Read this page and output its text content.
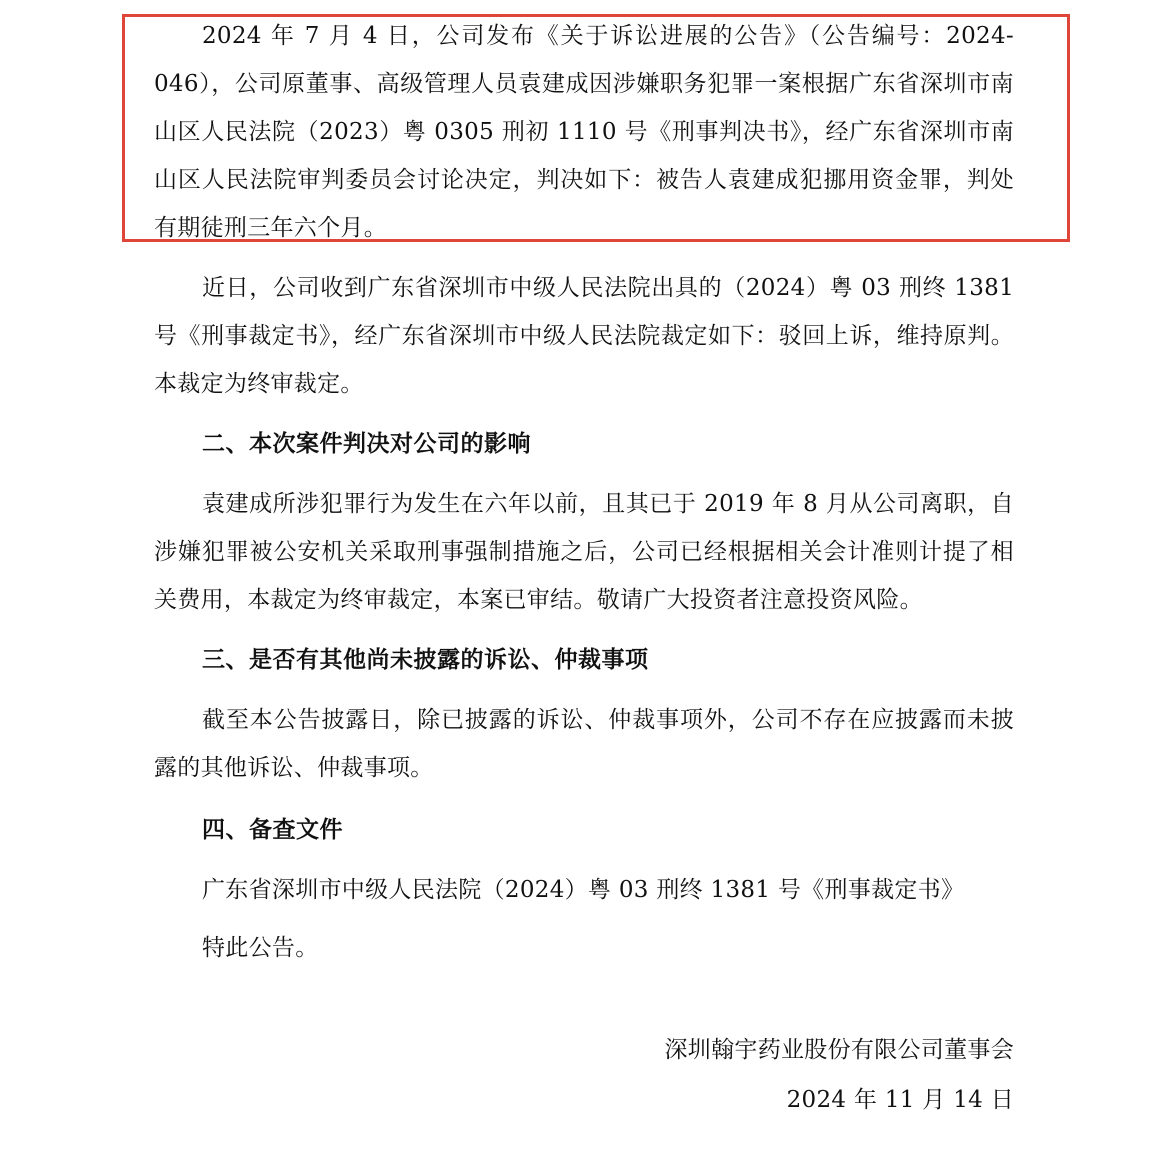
2024 年 7 月 4 日，公司发布《关于诉讼进展的公告》（公告编号：2024-046），公司原董事、高级管理人员袁建成因涉嫌职务犯罪一案根据广东省深圳市南山区人民法院（2023）粤 0305 刑初 1110 号《刑事判决书》，经广东省深圳市南山区人民法院审判委员会讨论决定，判决如下：被告人袁建成犯挪用资金罪，判处有期徒刑三年六个月。

近日，公司收到广东省深圳市中级人民法院出具的（2024）粤 03 刑终 1381 号《刑事裁定书》，经广东省深圳市中级人民法院裁定如下：驳回上诉，维持原判。本裁定为终审裁定。

二、本次案件判决对公司的影响

袁建成所涉犯罪行为发生在六年以前，且其已于 2019 年 8 月从公司离职，自涉嫌犯罪被公安机关采取刑事强制措施之后，公司已经根据相关会计准则计提了相关费用，本裁定为终审裁定，本案已审结。敬请广大投资者注意投资风险。

三、是否有其他尚未披露的诉讼、仲裁事项

截至本公告披露日，除已披露的诉讼、仲裁事项外，公司不存在应披露而未披露的其他诉讼、仲裁事项。

四、备查文件

广东省深圳市中级人民法院（2024）粤 03 刑终 1381 号《刑事裁定书》

特此公告。

深圳翰宇药业股份有限公司董事会

2024 年 11 月 14 日
